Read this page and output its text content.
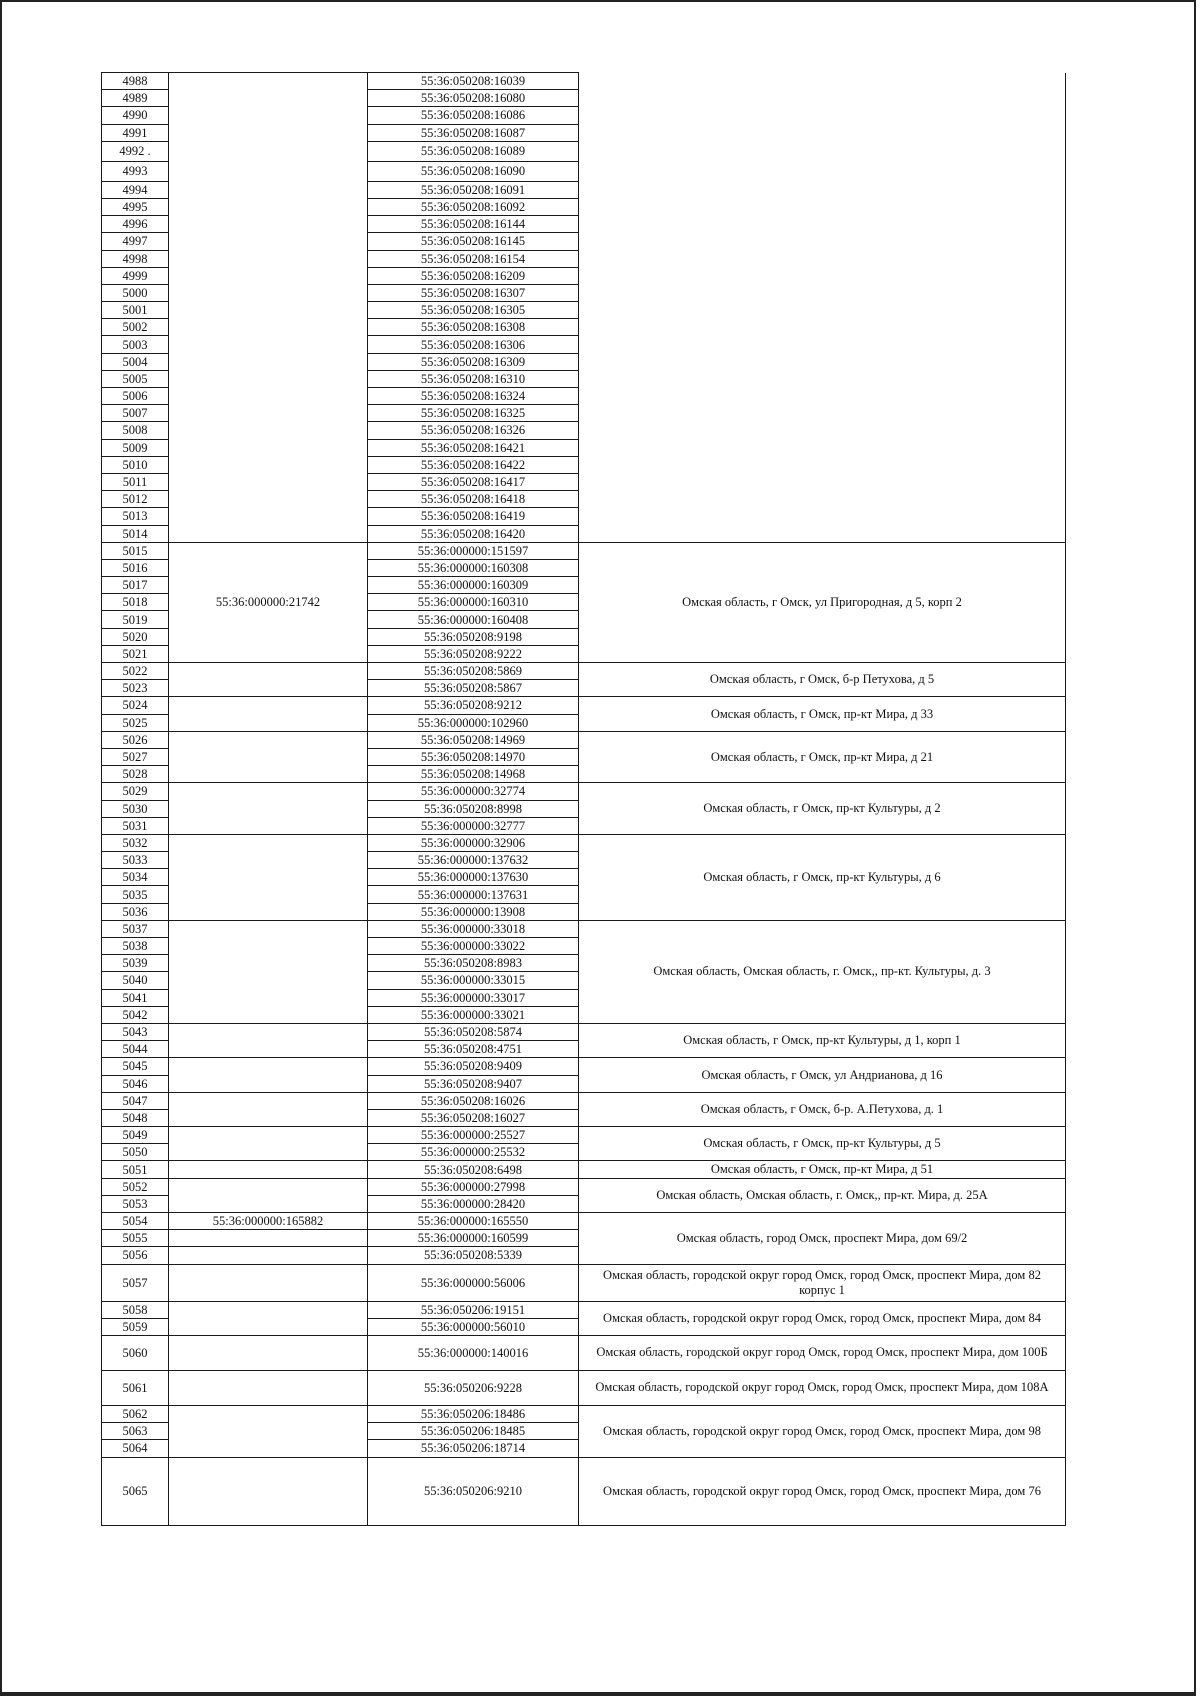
4988		55:36:050208:16039	
4989		55:36:050208:16080	
4990		55:36:050208:16086	
4991		55:36:050208:16087	
4992 .		55:36:050208:16089	
4993		55:36:050208:16090	
4994		55:36:050208:16091	
4995		55:36:050208:16092	
4996		55:36:050208:16144	
4997		55:36:050208:16145	
4998		55:36:050208:16154	
4999		55:36:050208:16209	
5000		55:36:050208:16307	
5001		55:36:050208:16305	
5002		55:36:050208:16308	
5003		55:36:050208:16306	
5004		55:36:050208:16309	
5005		55:36:050208:16310	
5006		55:36:050208:16324	
5007		55:36:050208:16325	
5008		55:36:050208:16326	
5009		55:36:050208:16421	
5010		55:36:050208:16422	
5011		55:36:050208:16417	
5012		55:36:050208:16418	
5013		55:36:050208:16419	
5014		55:36:050208:16420	
5015	55:36:000000:21742	55:36:000000:151597	Омская область, г Омск, ул Пригородная, д 5, корп 2
5016		55:36:000000:160308	
5017		55:36:000000:160309	
5018		55:36:000000:160310	
5019		55:36:000000:160408	
5020		55:36:050208:9198	
5021		55:36:050208:9222	
5022		55:36:050208:5869	Омская область, г Омск, б-р Петухова, д 5
5023		55:36:050208:5867	
5024		55:36:050208:9212	Омская область, г Омск, пр-кт Мира, д 33
5025		55:36:000000:102960	
5026		55:36:050208:14969	Омская область, г Омск, пр-кт Мира, д 21
5027		55:36:050208:14970	
5028		55:36:050208:14968	
5029		55:36:000000:32774	Омская область, г Омск, пр-кт Культуры, д 2
5030		55:36:050208:8998	
5031		55:36:000000:32777	
5032		55:36:000000:32906	Омская область, г Омск, пр-кт Культуры, д 6
5033		55:36:000000:137632	
5034		55:36:000000:137630	
5035		55:36:000000:137631	
5036		55:36:000000:13908	
5037		55:36:000000:33018	Омская область, Омская область, г. Омск,, пр-кт. Культуры, д. 3
5038		55:36:000000:33022	
5039		55:36:050208:8983	
5040		55:36:000000:33015	
5041		55:36:000000:33017	
5042		55:36:000000:33021	
5043		55:36:050208:5874	Омская область, г Омск, пр-кт Культуры, д 1, корп 1
5044		55:36:050208:4751	
5045		55:36:050208:9409	Омская область, г Омск, ул Андрианова, д 16
5046		55:36:050208:9407	
5047		55:36:050208:16026	Омская область, г Омск, б-р. А.Петухова, д. 1
5048		55:36:050208:16027	
5049		55:36:000000:25527	Омская область, г Омск, пр-кт Культуры, д 5
5050		55:36:000000:25532	
5051		55:36:050208:6498	Омская область, г Омск, пр-кт Мира, д 51
5052		55:36:000000:27998	Омская область, Омская область, г. Омск,, пр-кт. Мира, д. 25А
5053		55:36:000000:28420	
5054	55:36:000000:165882	55:36:000000:165550	Омская область, город Омск, проспект Мира, дом 69/2
5055		55:36:000000:160599	
5056		55:36:050208:5339	
5057		55:36:000000:56006	Омская область, городской округ город Омск, город Омск, проспект Мира, дом 82 корпус 1
5058		55:36:050206:19151	Омская область, городской округ город Омск, город Омск, проспект Мира, дом 84
5059		55:36:000000:56010	
5060		55:36:000000:140016	Омская область, городской округ город Омск, город Омск, проспект Мира, дом 100Б
5061		55:36:050206:9228	Омская область, городской округ город Омск, город Омск, проспект Мира, дом 108А
5062		55:36:050206:18486	Омская область, городской округ город Омск, город Омск, проспект Мира, дом 98
5063		55:36:050206:18485	
5064		55:36:050206:18714	
5065		55:36:050206:9210	Омская область, городской округ город Омск, город Омск, проспект Мира, дом 76
